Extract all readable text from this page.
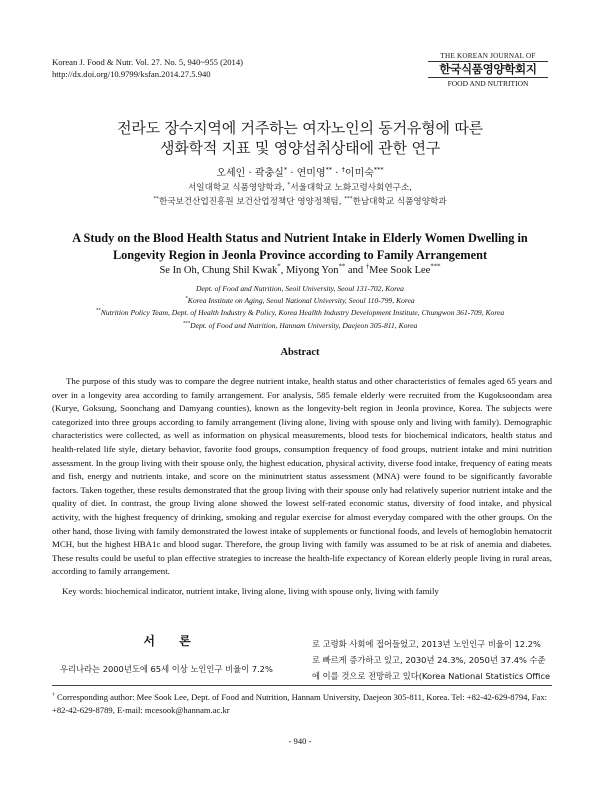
Korean J. Food & Nutr. Vol. 27. No. 5, 940~955 (2014)
http://dx.doi.org/10.9799/ksfan.2014.27.5.940
THE KOREAN JOURNAL OF
한국식품영양학회지
FOOD AND NUTRITION
전라도 장수지역에 거주하는 여자노인의 동거유형에 따른
생화학적 지표 및 영양섭취상태에 관한 연구
오세인 · 곽충실* · 연미영** · †이미숙***
서일대학교 식품영양학과, *서울대학교 노화고령사회연구소,
**한국보건산업진흥원 보건산업정책단 영양정책팀, ***한남대학교 식품영양학과
A Study on the Blood Health Status and Nutrient Intake in Elderly Women Dwelling in
Longevity Region in Jeonla Province according to Family Arrangement
Se In Oh, Chung Shil Kwak*, Miyong Yon** and †Mee Sook Lee***
Dept. of Food and Nutrition, Seoil University, Seoul 131-702, Korea
*Korea Institute on Aging, Seoul National University, Seoul 110-799, Korea
**Nutrition Policy Team, Dept. of Health Industry & Policy, Korea Heallth Industry Development Institute, Chungwon 361-709, Korea
***Dept. of Food and Nutrition, Hannam University, Daejeon 305-811, Korea
Abstract
The purpose of this study was to compare the degree nutrient intake, health status and other characteristics of females aged 65 years and over in a longevity area according to family arrangement. For analysis, 585 female elderly were recruited from the Kugoksoondam area (Kurye, Goksung, Soonchang and Damyang counties), known as the longevity-belt region in Jeonla province, Korea. The subjects were categorized into three groups according to family arrangement (living alone, living with spouse only and living with family). Demographic characteristics were collected, as well as information on physical measurements, blood tests for biochemical indicators, health status and health-related life style, dietary behavior, favorite food groups, consumption frequency of food groups, nutrient intake and mini nutrition assessment. In the group living with their spouse only, the highest education, physical activity, diverse food intake, frequency of eating meats and fish, energy and nutrients intake, and score on the mininutrient status assessment (MNA) were found to be significantly favorable factors. Taken together, these results demonstrated that the group living with their spouse only had relatively superior nutrient intake and the quality of diet. In contrast, the group living alone showed the lowest self-rated economic status, diversity of food intake, and physical activity, with the highest frequency of drinking, smoking and regular exercise for almost everyday compared with the other groups. On the other hand, those living with family demonstrated the lowest intake of supplements or functional foods, and levels of hemoglobin hematocrit MCH, but the highest HBA1c and blood sugar. Therefore, the group living with family was assumed to be at risk of anemia and diabetes. These results could be useful to plan effective strategies to increase the health-life expectancy of Korean elderly people living in rural areas, according to family arrangement.
Key words: biochemical indicator, nutrient intake, living alone, living with spouse only, living with family
서 론
우리나라는 2000년도에 65세 이상 노인인구 비율이 7.2%
로 고령화 사회에 접어들었고, 2013년 노인인구 비율이 12.2%
로 빠르게 증가하고 있고, 2030년 24.3%, 2050년 37.4% 수준
에 이를 것으로 전망하고 있다(Korea National Statistics Office
† Corresponding author: Mee Sook Lee, Dept. of Food and Nutrition, Hannam University, Daejeon 305-811, Korea. Tel: +82-42-629-8794, Fax: +82-42-629-8789, E-mail: mcesook@hannam.ac.kr
- 940 -
